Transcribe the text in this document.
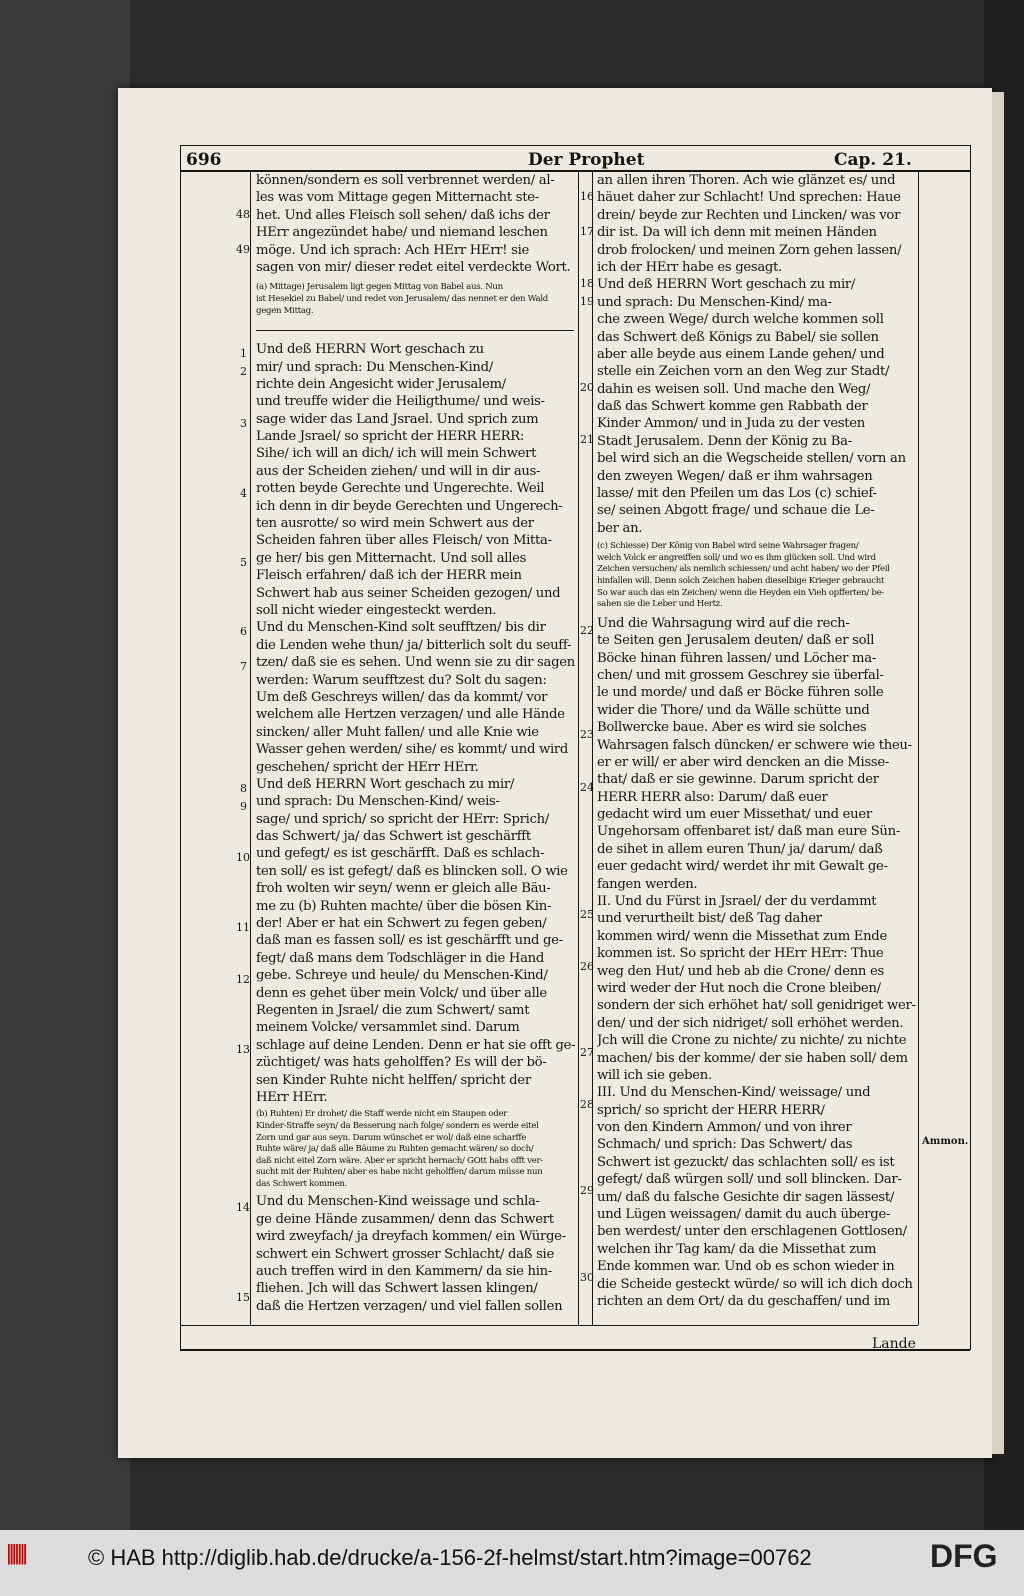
696	Der Prophet	Cap. 21.
können/sondern es soll verbrennet werden/ al-
les was vom Mittage gegen Mitternacht ste-
het. Und alles Fleisch soll sehen/ daß ichs der
HErr angezündet habe/ und niemand leschen
möge. Und ich sprach: Ach HErr HErr! sie
sagen von mir/ dieser redet eitel verdeckte Wort.
(a) Mittage) Jerusalem ligt gegen Mittag von Babel aus. Nun
ist Hesekiel zu Babel/ und redet von Jerusalem/ das nennet er den Wald
gegen Mittag.
Und deß HERRN Wort geschach zu
mir/ und sprach: Du Menschen-Kind/
richte dein Angesicht wider Jerusalem/
und treuffe wider die Heiligthume/ und weis-
sage wider das Land Jsrael. Und sprich zum
Lande Jsrael/ so spricht der HERR HERR:
Sihe/ ich will an dich/ ich will mein Schwert
aus der Scheiden ziehen/ und will in dir aus-
rotten beyde Gerechte und Ungerechte. Weil
ich denn in dir beyde Gerechten und Ungerech-
ten ausrotte/ so wird mein Schwert aus der
Scheiden fahren über alles Fleisch/ von Mitta-
ge her/ bis gen Mitternacht. Und soll alles
Fleisch erfahren/ daß ich der HERR mein
Schwert hab aus seiner Scheiden gezogen/ und
soll nicht wieder eingesteckt werden.
Und du Menschen-Kind solt seufftzen/ bis dir
die Lenden wehe thun/ ja/ bitterlich solt du seuff-
tzen/ daß sie es sehen. Und wenn sie zu dir sagen
werden: Warum seufftzest du? Solt du sagen:
Um deß Geschreys willen/ das da kommt/ vor
welchem alle Hertzen verzagen/ und alle Hände
sincken/ aller Muht fallen/ und alle Knie wie
Wasser gehen werden/ sihe/ es kommt/ und wird
geschehen/ spricht der HErr HErr.
Und deß HERRN Wort geschach zu mir/
und sprach: Du Menschen-Kind/ weis-
sage/ und sprich/ so spricht der HErr: Sprich/
das Schwert/ ja/ das Schwert ist geschärfft
und gefegt/ es ist geschärfft. Daß es schlach-
ten soll/ es ist gefegt/ daß es blincken soll. O wie
froh wolten wir seyn/ wenn er gleich alle Bäu-
me zu (b) Ruhten machte/ über die bösen Kin-
der! Aber er hat ein Schwert zu fegen geben/
daß man es fassen soll/ es ist geschärfft und ge-
fegt/ daß mans dem Todschläger in die Hand
gebe. Schreye und heule/ du Menschen-Kind/
denn es gehet über mein Volck/ und über alle
Regenten in Jsrael/ die zum Schwert/ samt
meinem Volcke/ versammlet sind. Darum
schlage auf deine Lenden. Denn er hat sie offt ge-
züchtiget/ was hats geholffen? Es will der bö-
sen Kinder Ruhte nicht helffen/ spricht der
HErr HErr.
(b) Ruhten) Er drohet/ die Staff werde nicht ein Staupen oder
Kinder-Straffe seyn/ da Besserung nach folge/ sondern es werde eitel
Zorn und gar aus seyn. Darum wünschet er wol/ daß eine scharffe
Ruhte wäre/ ja/ daß alle Bäume zu Ruhten gemacht wären/ so doch/
daß nicht eitel Zorn wäre. Aber er spricht hernach/ GOtt habs offt ver-
sucht mit der Ruhten/ aber es habe nicht geholffen/ darum müsse nun
das Schwert kommen.
Und du Menschen-Kind weissage und schla-
ge deine Hände zusammen/ denn das Schwert
wird zweyfach/ ja dreyfach kommen/ ein Würge-
schwert ein Schwert grosser Schlacht/ daß sie
auch treffen wird in den Kammern/ da sie hin-
fliehen. Jch will das Schwert lassen klingen/
daß die Hertzen verzagen/ und viel fallen sollen
an allen ihren Thoren. Ach wie glänzet es/ und
häuet daher zur Schlacht! Und sprechen: Haue
drein/ beyde zur Rechten und Lincken/ was vor
dir ist. Da will ich denn mit meinen Händen
drob frolocken/ und meinen Zorn gehen lassen/
ich der HErr habe es gesagt.
Und deß HERRN Wort geschach zu mir/
und sprach: Du Menschen-Kind/ ma-
che zween Wege/ durch welche kommen soll
das Schwert deß Königs zu Babel/ sie sollen
aber alle beyde aus einem Lande gehen/ und
stelle ein Zeichen vorn an den Weg zur Stadt/
dahin es weisen soll. Und mache den Weg/
daß das Schwert komme gen Rabbath der
Kinder Ammon/ und in Juda zu der vesten
Stadt Jerusalem. Denn der König zu Ba-
bel wird sich an die Wegscheide stellen/ vorn an
den zweyen Wegen/ daß er ihm wahrsagen
lasse/ mit den Pfeilen um das Los (c) schief-
se/ seinen Abgott frage/ und schaue die Le-
ber an.
(c) Schiesse) Der König von Babel wird seine Wahrsager fragen/
welch Volck er angreiffen soll/ und wo es ihm glücken soll. Und wird
Zeichen versuchen/ als nemlich schiessen/ und acht haben/ wo der Pfeil
hinfallen will. Denn solch Zeichen haben dieselbige Krieger gebraucht
So war auch das ein Zeichen/ wenn die Heyden ein Vieh opfferten/ be-
sahen sie die Leber und Hertz.
Und die Wahrsagung wird auf die rech-
te Seiten gen Jerusalem deuten/ daß er soll
Böcke hinan führen lassen/ und Löcher ma-
chen/ und mit grossem Geschrey sie überfal-
le und morde/ und daß er Böcke führen solle
wider die Thore/ und da Wälle schütte und
Bollwercke baue. Aber es wird sie solches
Wahrsagen falsch düncken/ er schwere wie theu-
er er will/ er aber wird dencken an die Misse-
that/ daß er sie gewinne. Darum spricht der
HERR HERR also: Darum/ daß euer
gedacht wird um euer Missethat/ und euer
Ungehorsam offenbaret ist/ daß man eure Sün-
de sihet in allem euren Thun/ ja/ darum/ daß
euer gedacht wird/ werdet ihr mit Gewalt ge-
fangen werden.
II. Und du Fürst in Jsrael/ der du verdammt
und verurtheilt bist/ deß Tag daher
kommen wird/ wenn die Missethat zum Ende
kommen ist. So spricht der HErr HErr: Thue
weg den Hut/ und heb ab die Crone/ denn es
wird weder der Hut noch die Crone bleiben/
sondern der sich erhöhet hat/ soll genidriget wer-
den/ und der sich nidriget/ soll erhöhet werden.
Jch will die Crone zu nichte/ zu nichte/ zu nichte
machen/ bis der komme/ der sie haben soll/ dem
will ich sie geben.
III. Und du Menschen-Kind/ weissage/ und
sprich/ so spricht der HERR HERR/
von den Kindern Ammon/ und von ihrer
Schmach/ und sprich: Das Schwert/ das
Schwert ist gezuckt/ das schlachten soll/ es ist
gefegt/ daß würgen soll/ und soll blincken. Dar-
um/ daß du falsche Gesichte dir sagen lässest/
und Lügen weissagen/ damit du auch überge-
ben werdest/ unter den erschlagenen Gottlosen/
welchen ihr Tag kam/ da die Missethat zum
Ende kommen war. Und ob es schon wieder in
die Scheide gesteckt würde/ so will ich dich doch
richten an dem Ort/ da du geschaffen/ und im
Lande
Ammon.
48
49
1
2
3
4
5
6
7
8
9
10
11
12
13
14
15
16
17
18
19
20
21
22
23
24
25
26
27
28
29
30
|||||||	© HAB http://diglib.hab.de/drucke/a-156-2f-helmst/start.htm?image=00762	DFG
